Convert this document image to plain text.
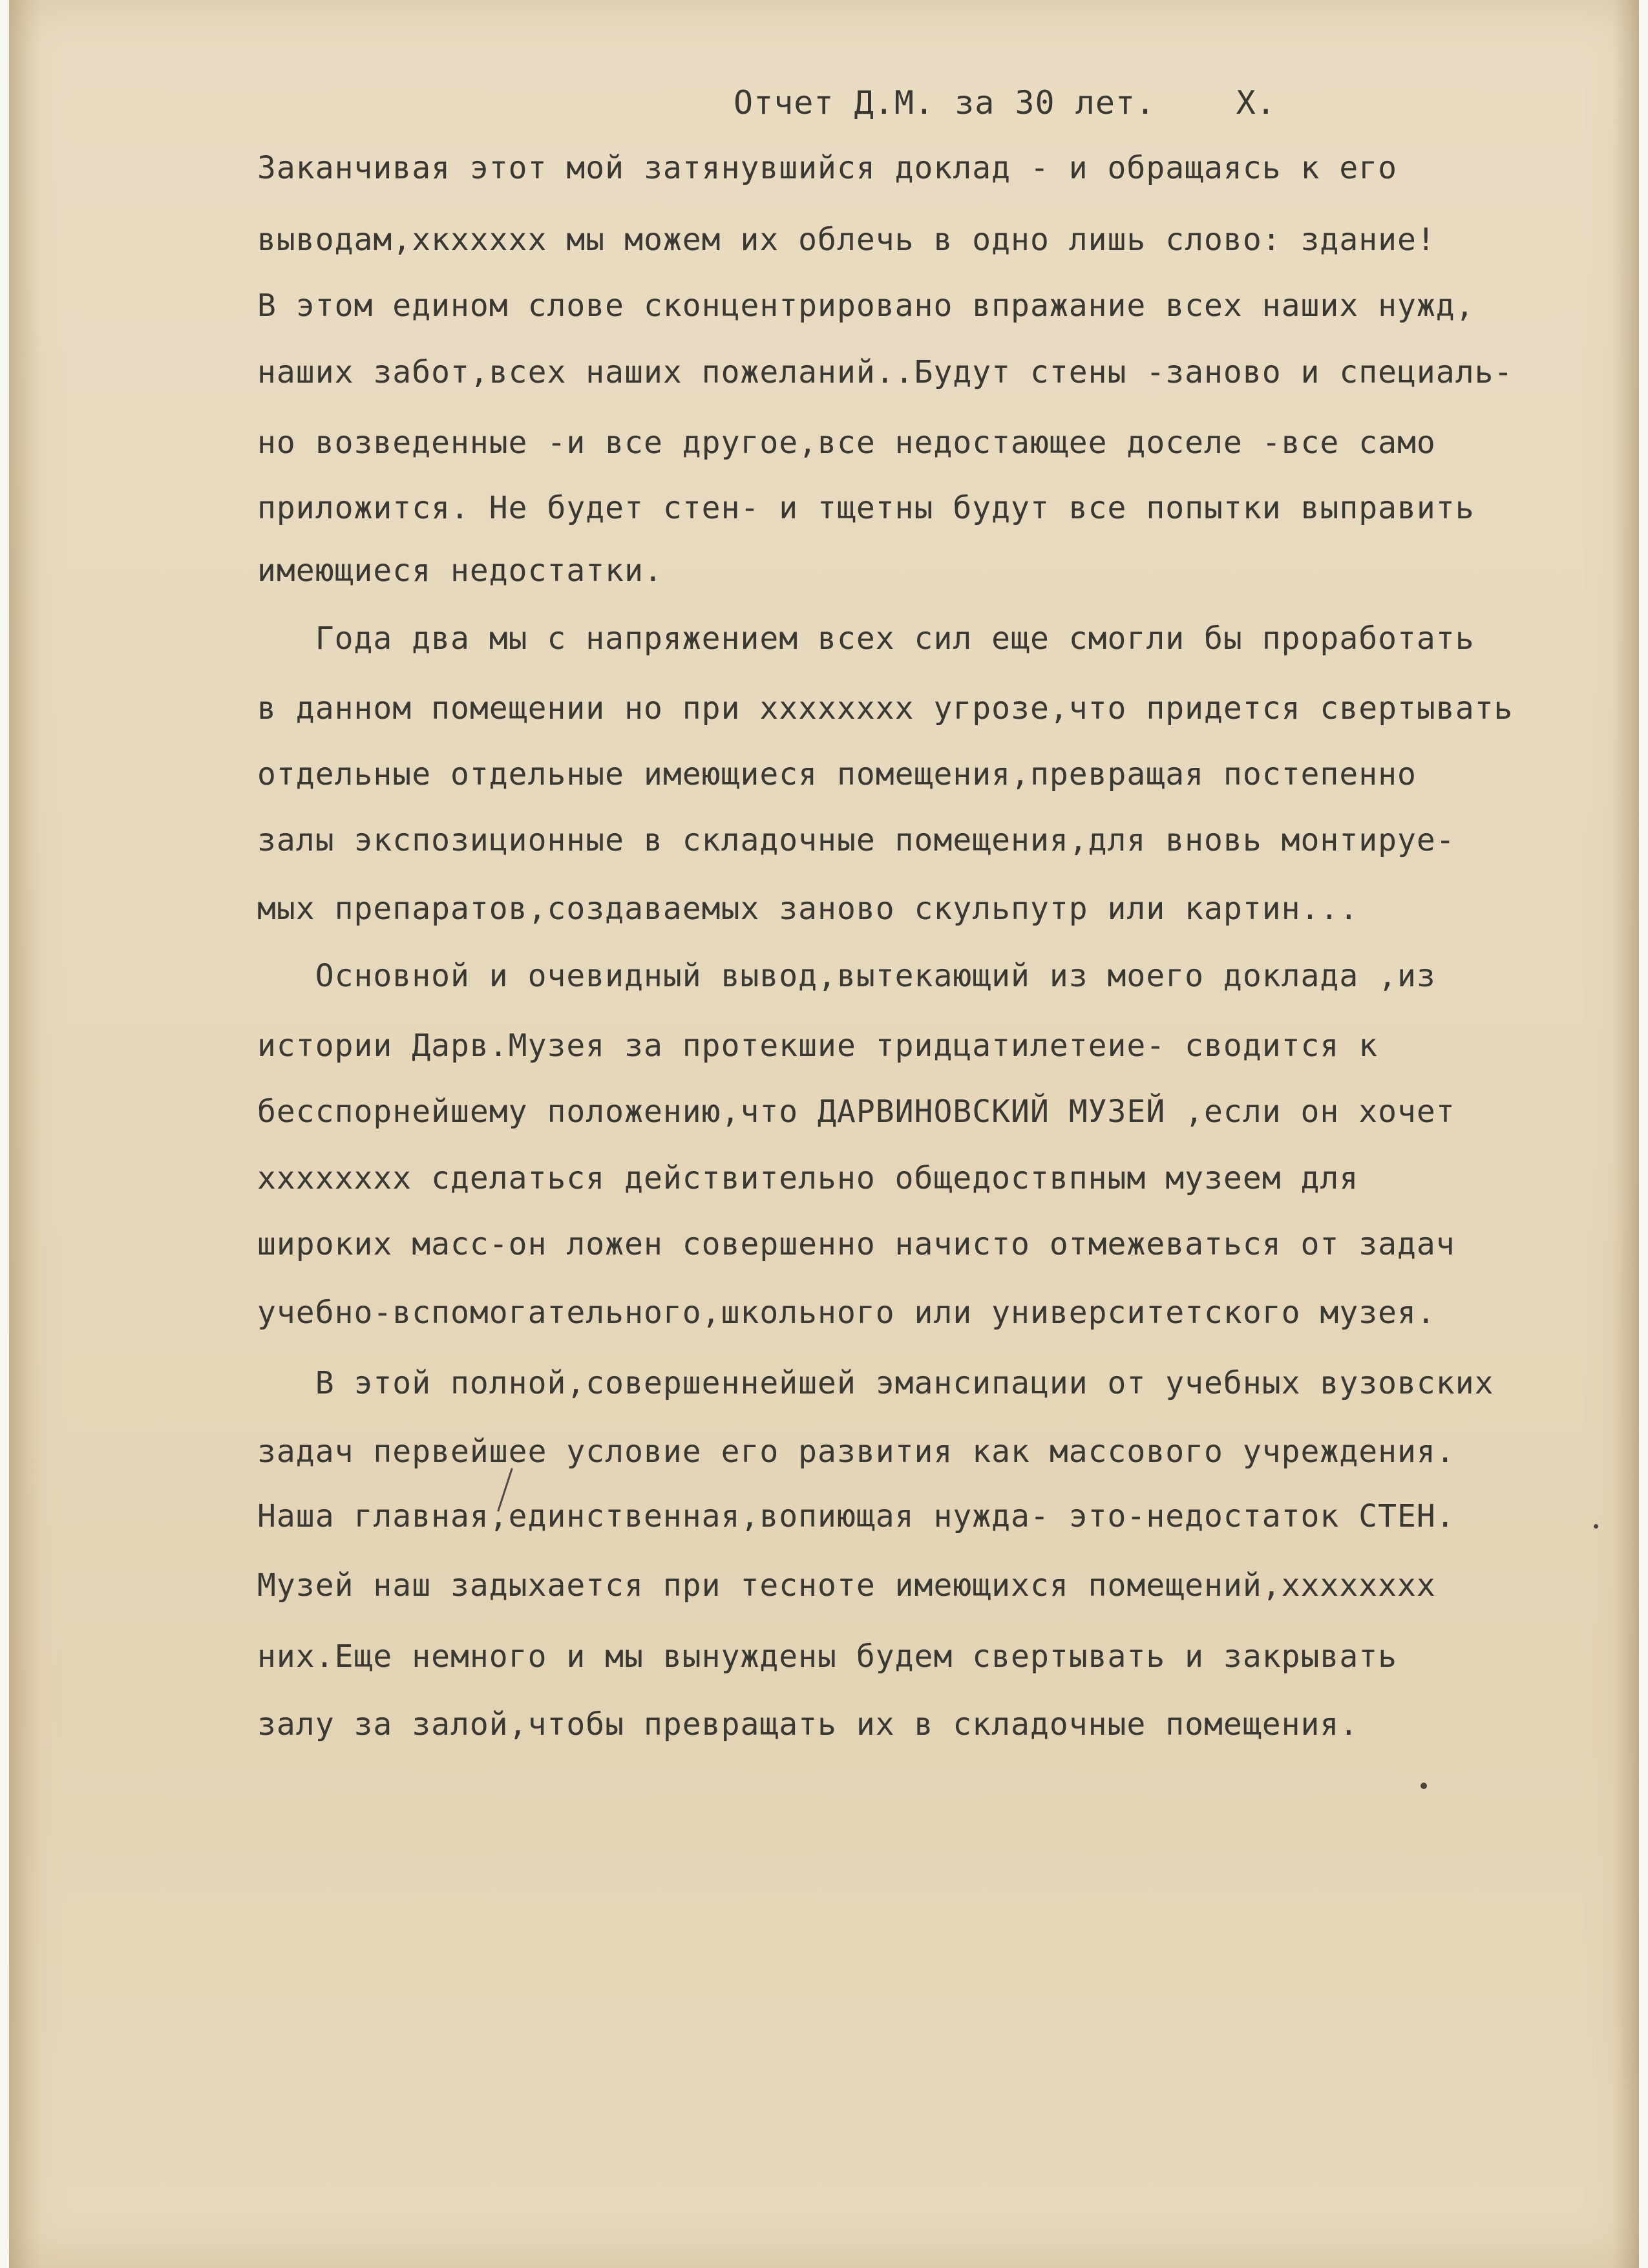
Отчет Д.М. за 30 лет.    Х.
Заканчивая этот мой затянувшийся доклад - и обращаясь к его
выводам,хкххххх мы можем их облечь в одно лишь слово: здание!
В этом едином слове сконцентрировано впражание всех наших нужд,
наших забот,всех наших пожеланий..Будут стены -заново и специаль-
но возведенные -и все другое,все недостающее доселе -все само
приложится. Не будет стен- и тщетны будут все попытки выправить
имеющиеся недостатки.
Года два мы с напряжением всех сил еще смогли бы проработать
в данном помещении но при хххххххх угрозе,что придется свертывать
отдельные отдельные имеющиеся помещения,превращая постепенно
залы экспозиционные в складочные помещения,для вновь монтируе-
мых препаратов,создаваемых заново скульпутр или картин...
Основной и очевидный вывод,вытекающий из моего доклада ,из
истории Дарв.Музея за протекшие тридцатилетеие- сводится к
бесспорнейшему положению,что ДАРВИНОВСКИЙ МУЗЕЙ ,если он хочет
хххххххх сделаться действительно общедоствпным музеем для
широких масс-он ложен совершенно начисто отмежеваться от задач
учебно-вспомогательного,школьного или университетского музея.
В этой полной,совершеннейшей эмансипации от учебных вузовских
задач первейшее условие его развития как массового учреждения.
Наша главная,единственная,вопиющая нужда- это-недостаток СТЕН.
Музей наш задыхается при тесноте имеющихся помещений,хххххххх
них.Еще немного и мы вынуждены будем свертывать и закрывать
залу за залой,чтобы превращать их в складочные помещения.
